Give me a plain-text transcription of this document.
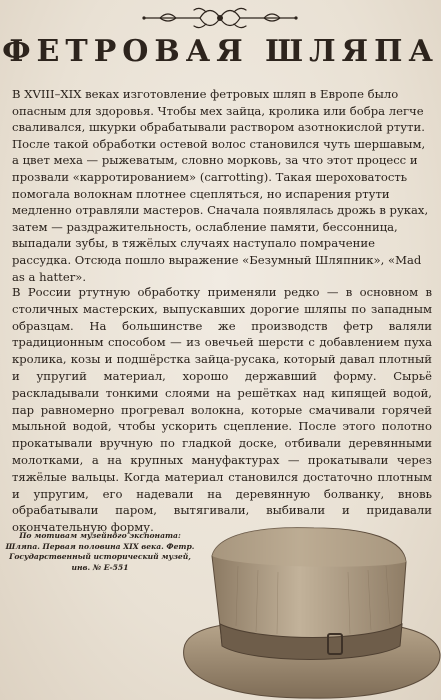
ФЕТРОВАЯ ШЛЯПА

В XVIII–XIX веках изготовление фетровых шляп в Европе было опасным для здоровья. Чтобы мех зайца, кролика или бобра легче сваливался, шкурки обрабатывали раствором азотнокислой ртути. После такой обработки остевой волос становился чуть шершавым, а цвет меха — рыжеватым, словно морковь, за что этот процесс и прозвали «карротированием» (carrotting). Такая шероховатость помогала волокнам плотнее сцепляться, но испарения ртути медленно отравляли мастеров. Сначала появлялась дрожь в руках, затем — раздражительность, ослабление памяти, бессонница, выпадали зубы, в тяжёлых случаях наступало помрачение рассудка. Отсюда пошло выражение «Безумный Шляпник», «Mad as a hatter».

В России ртутную обработку применяли редко — в основном в столичных мастерских, выпускавших дорогие шляпы по западным образцам. На большинстве же производств фетр валяли традиционным способом — из овечьей шерсти с добавлением пуха кролика, козы и подшёрстка зайца-русака, который давал плотный и упругий материал, хорошо державший форму. Сырьё раскладывали тонкими слоями на решётках над кипящей водой, пар равномерно прогревал волокна, которые смачивали горячей мыльной водой, чтобы ускорить сцепление. После этого полотно прокатывали вручную по гладкой доске, отбивали деревянными молотками, а на крупных мануфактурах — прокатывали через тяжёлые вальцы. Когда материал становился достаточно плотным и упругим, его надевали на деревянную болванку, вновь обрабатывали паром, вытягивали, выбивали и придавали окончательную форму.

По мотивам музейного экспоната: Шляпа. Первая половина XIX века. Фетр. Государственный исторический музей, инв. № Е-551
